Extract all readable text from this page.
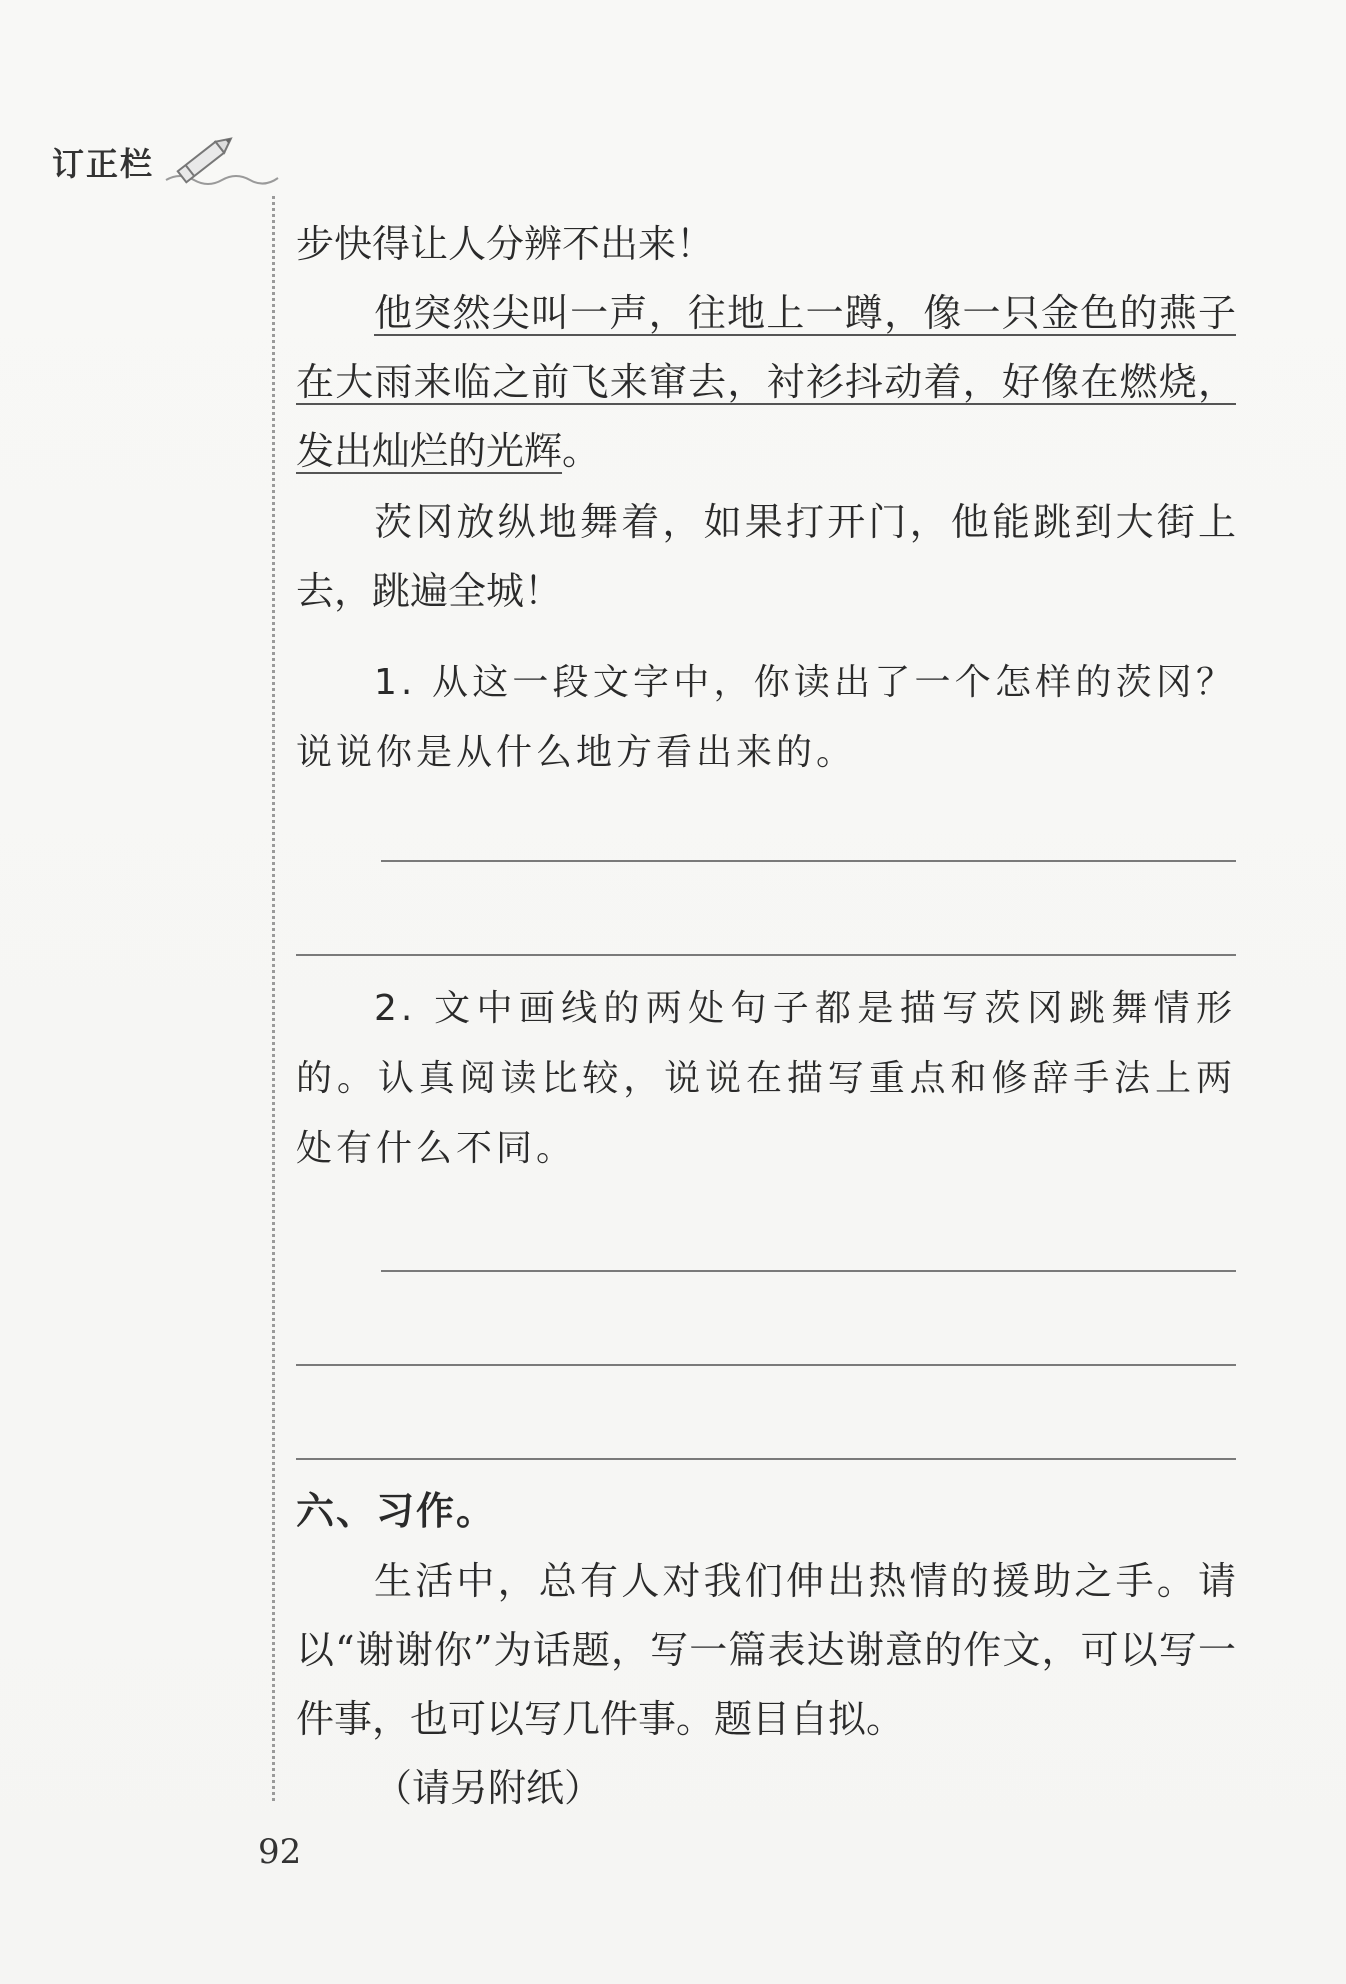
订正栏

步快得让人分辨不出来！

他突然尖叫一声，往地上一蹲，像一只金色的燕子在大雨来临之前飞来窜去，衬衫抖动着，好像在燃烧，发出灿烂的光辉。

茨冈放纵地舞着，如果打开门，他能跳到大街上去，跳遍全城！

1. 从这一段文字中，你读出了一个怎样的茨冈？说说你是从什么地方看出来的。

2. 文中画线的两处句子都是描写茨冈跳舞情形的。认真阅读比较，说说在描写重点和修辞手法上两处有什么不同。

六、习作。

生活中，总有人对我们伸出热情的援助之手。请以“谢谢你”为话题，写一篇表达谢意的作文，可以写一件事，也可以写几件事。题目自拟。

（请另附纸）

92
